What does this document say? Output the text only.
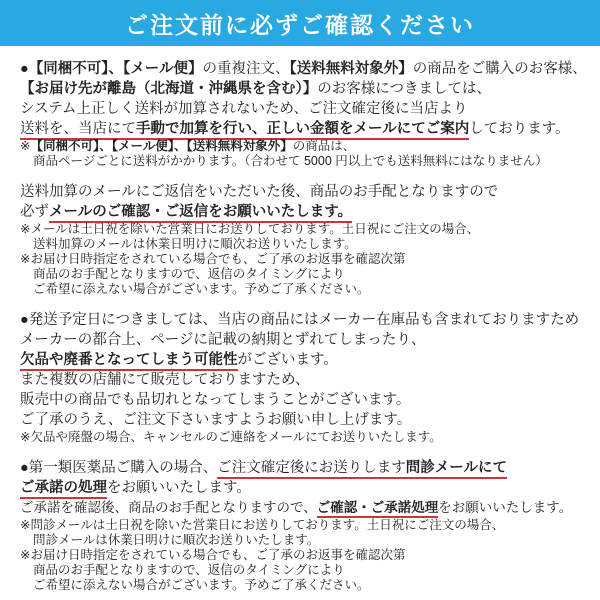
ご注文前に必ずご確認ください
●【同梱不可】、【メール便】の重複注文、【送料無料対象外】の商品をご購入のお客様、
【お届け先が離島（北海道・沖縄県を含む）】のお客様につきましては、
システム上正しく送料が加算されないため、ご注文確定後に当店より
送料を、当店にて手動で加算を行い、正しい金額をメールにてご案内しております。
※【同梱不可】、【メール便】、【送料無料対象外】の商品は、
商品ページごとに送料がかかります。（合わせて 5000 円以上でも送料無料にはなりません）
送料加算のメールにご返信をいただいた後、商品のお手配となりますので
必ずメールのご確認・ご返信をお願いいたします。
※メールは土日祝を除いた営業日にお送りしております。土日祝にご注文の場合、
送料加算のメールは休業日明けに順次お送りいたします。
※お届け日時指定をされている場合でも、ご了承のお返事を確認次第
商品のお手配となりますので、返信のタイミングにより
ご希望に添えない場合がございます。予めご了承ください。
●発送予定日につきましては、当店の商品にはメーカー在庫品も含まれておりますため
メーカーの都合上、ページに記載の納期とずれてしまったり、
欠品や廃番となってしまう可能性がございます。
また複数の店舗にて販売しておりますため、
販売中の商品でも品切れとなってしまうことがございます。
ご了承のうえ、ご注文下さいますようお願い申し上げます。
※欠品や廃盤の場合、キャンセルのご連絡をメールにてお送りいたします。
●第一類医薬品ご購入の場合、ご注文確定後にお送りします問診メールにて
ご承諾の処理をお願いいたします。
ご承諾を確認後、商品のお手配となりますので、ご確認・ご承諾処理をお願いいたします。
※問診メールは土日祝を除いた営業日にお送りしております。土日祝にご注文の場合、
問診メールは休業日明けに順次お送りいたします。
※お届け日時指定をされている場合でも、ご了承のお返事を確認次第
商品のお手配となりますので、返信のタイミングにより
ご希望に添えない場合がございます。予めご了承ください。
